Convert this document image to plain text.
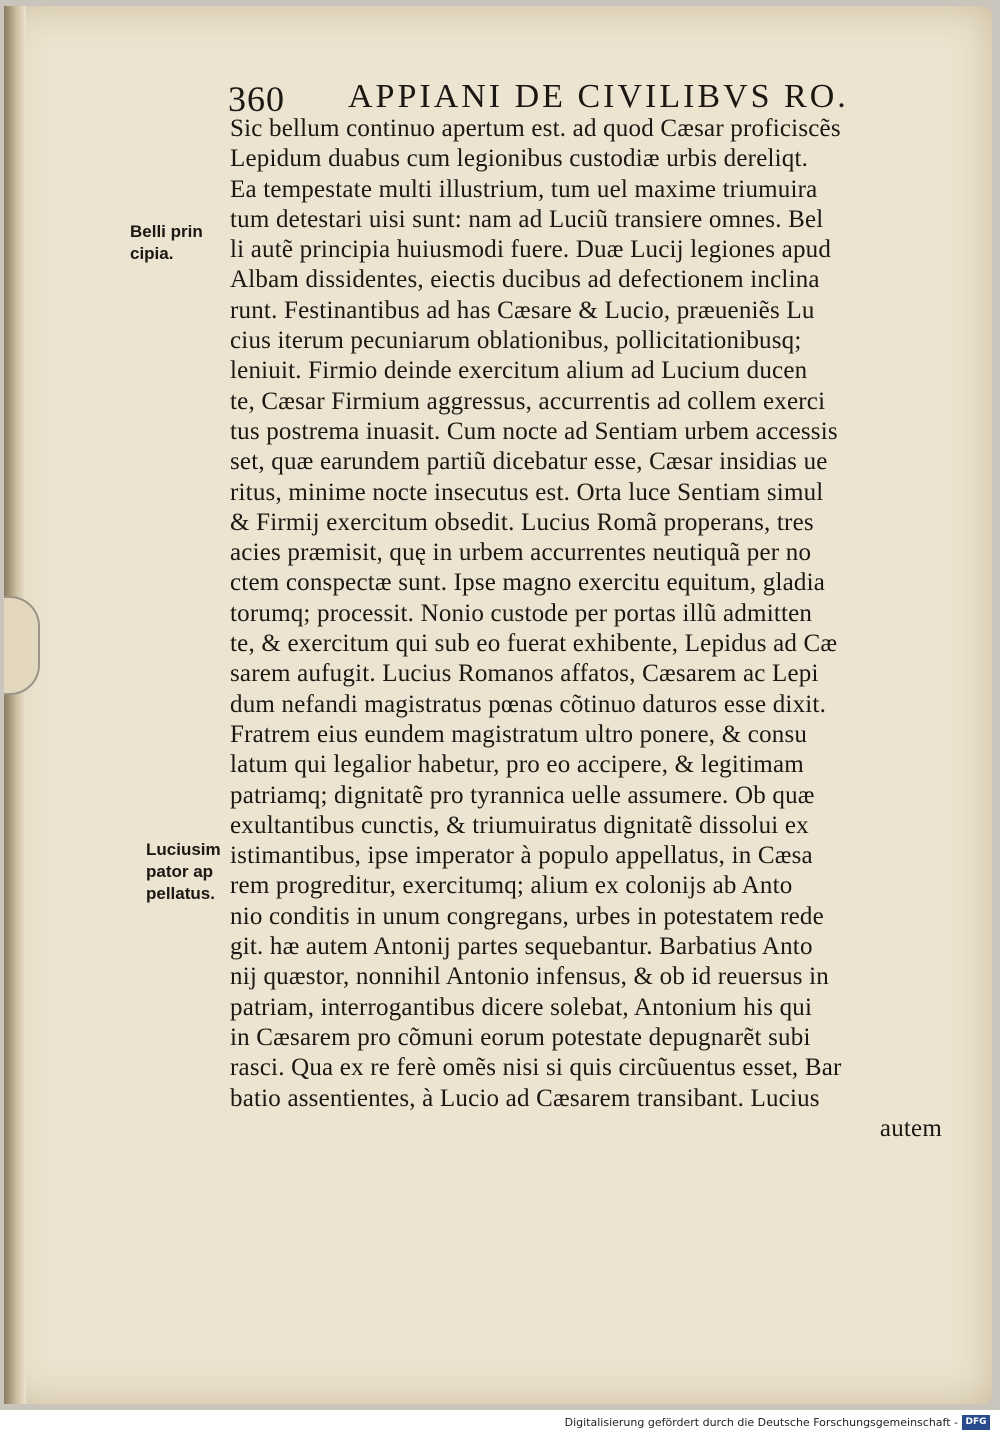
360 APPIANI DE CIVILIBVS RO.
Belli prin
cipia.
Luciusim
pator ap
pellatus.
Sic bellum continuo apertum est. ad quod Cæsar proficiscẽs
Lepidum duabus cum legionibus custodiæ urbis dereliqt.
Ea tempestate multi illustrium, tum uel maxime triumuira
tum detestari uisi sunt: nam ad Luciũ transiere omnes. Bel
li autẽ principia huiusmodi fuere. Duæ Lucij legiones apud
Albam dissidentes, eiectis ducibus ad defectionem inclina
runt. Festinantibus ad has Cæsare & Lucio, præueniẽs Lu
cius iterum pecuniarum oblationibus, pollicitationibusq;
leniuit. Firmio deinde exercitum alium ad Lucium ducen
te, Cæsar Firmium aggressus, accurrentis ad collem exerci
tus postrema inuasit. Cum nocte ad Sentiam urbem accessis
set, quæ earundem partiũ dicebatur esse, Cæsar insidias ue
ritus, minime nocte insecutus est. Orta luce Sentiam simul
& Firmij exercitum obsedit. Lucius Romã properans, tres
acies præmisit, quę in urbem accurrentes neutiquã per no
ctem conspectæ sunt. Ipse magno exercitu equitum, gladia
torumq; processit. Nonio custode per portas illũ admitten
te, & exercitum qui sub eo fuerat exhibente, Lepidus ad Cæ
sarem aufugit. Lucius Romanos affatos, Cæsarem ac Lepi
dum nefandi magistratus pœnas cõtinuo daturos esse dixit.
Fratrem eius eundem magistratum ultro ponere, & consu
latum qui legalior habetur, pro eo accipere, & legitimam
patriamq; dignitatẽ pro tyrannica uelle assumere. Ob quæ
exultantibus cunctis, & triumuiratus dignitatẽ dissolui ex
istimantibus, ipse imperator à populo appellatus, in Cæsa
rem progreditur, exercitumq; alium ex colonijs ab Anto
nio conditis in unum congregans, urbes in potestatem rede
git. hæ autem Antonij partes sequebantur. Barbatius Anto
nij quæstor, nonnihil Antonio infensus, & ob id reuersus in
patriam, interrogantibus dicere solebat, Antonium his qui
in Cæsarem pro cõmuni eorum potestate depugnarẽt subi
rasci. Qua ex re ferè omẽs nisi si quis circũuentus esset, Bar
batio assentientes, à Lucio ad Cæsarem transibant. Lucius
autem
Digitalisierung gefördert durch die Deutsche Forschungsgemeinschaft - DFG
